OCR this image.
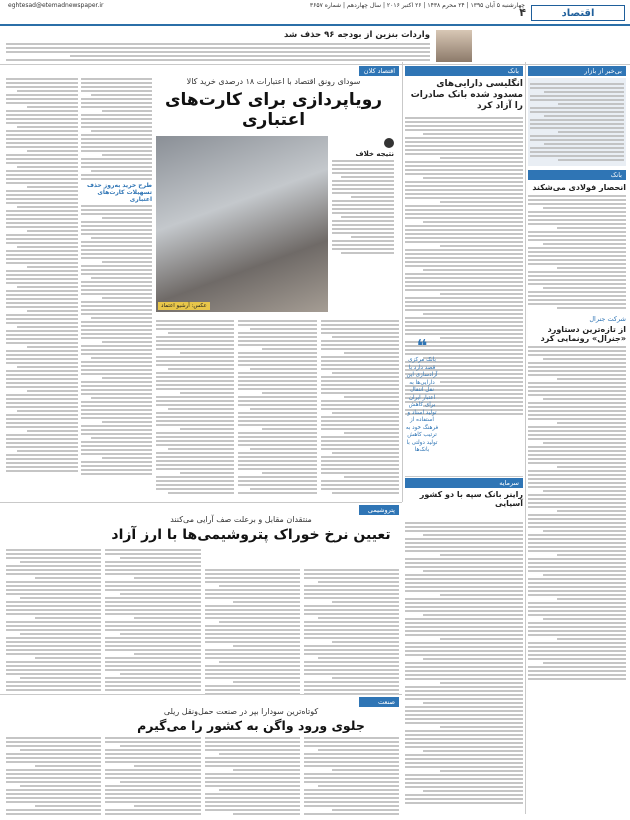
چهارشنبه ۵ آبان ۱۳۹۵ | ۲۴ محرم ۱۴۳۸ | ۲۶ اکتبر ۲۰۱۶ | سال چهاردهم | شماره ۳۶۵۷
eghtesad@etemadnewspaper.ir
اقتصاد
۴
واردات بنزین از بودجه ۹۶ حذف شد
بی‌خبر از بازار
بانک
انحصار فولادی می‌شکند
شرکت جنرال
از تازه‌ترین دستاورد «جنرال» رونمایی کرد
بانک
انگلیسی دارایی‌های مسدود شده بانک صادرات را آزاد کرد
❝
بانک مرکزی قصد دارد با آزادسازی این دارایی‌ها به نقل انتقال اعتبار ایران برای کاهش تولید اسناد و استفاده از فرهنگ خود به ترتیب کاهش تولید دولتی با بانک‌ها
سرمایه
راینر بانک سپه با دو کشور آسیایی
اقتصاد کلان
سودای رونق اقتصاد با اعتبارات ۱۸ درصدی خرید کالا
رویاپردازی برای کارت‌های اعتباری
عکس: آرشیو اعتماد
نتیجه خلاف
طرح خرید به‌روز حذف تسهیلات کارت‌های اعتباری
پتروشیمی
منتقدان مقابل و برعلت صف آرایی می‌کنند
تعیین نرخ خوراک پتروشیمی‌ها با ارز آزاد
صنعت
کوتاه‌ترین سودارا بپر در صنعت حمل‌ونقل ریلی
جلوی ورود واگن به کشور را می‌گیرم
